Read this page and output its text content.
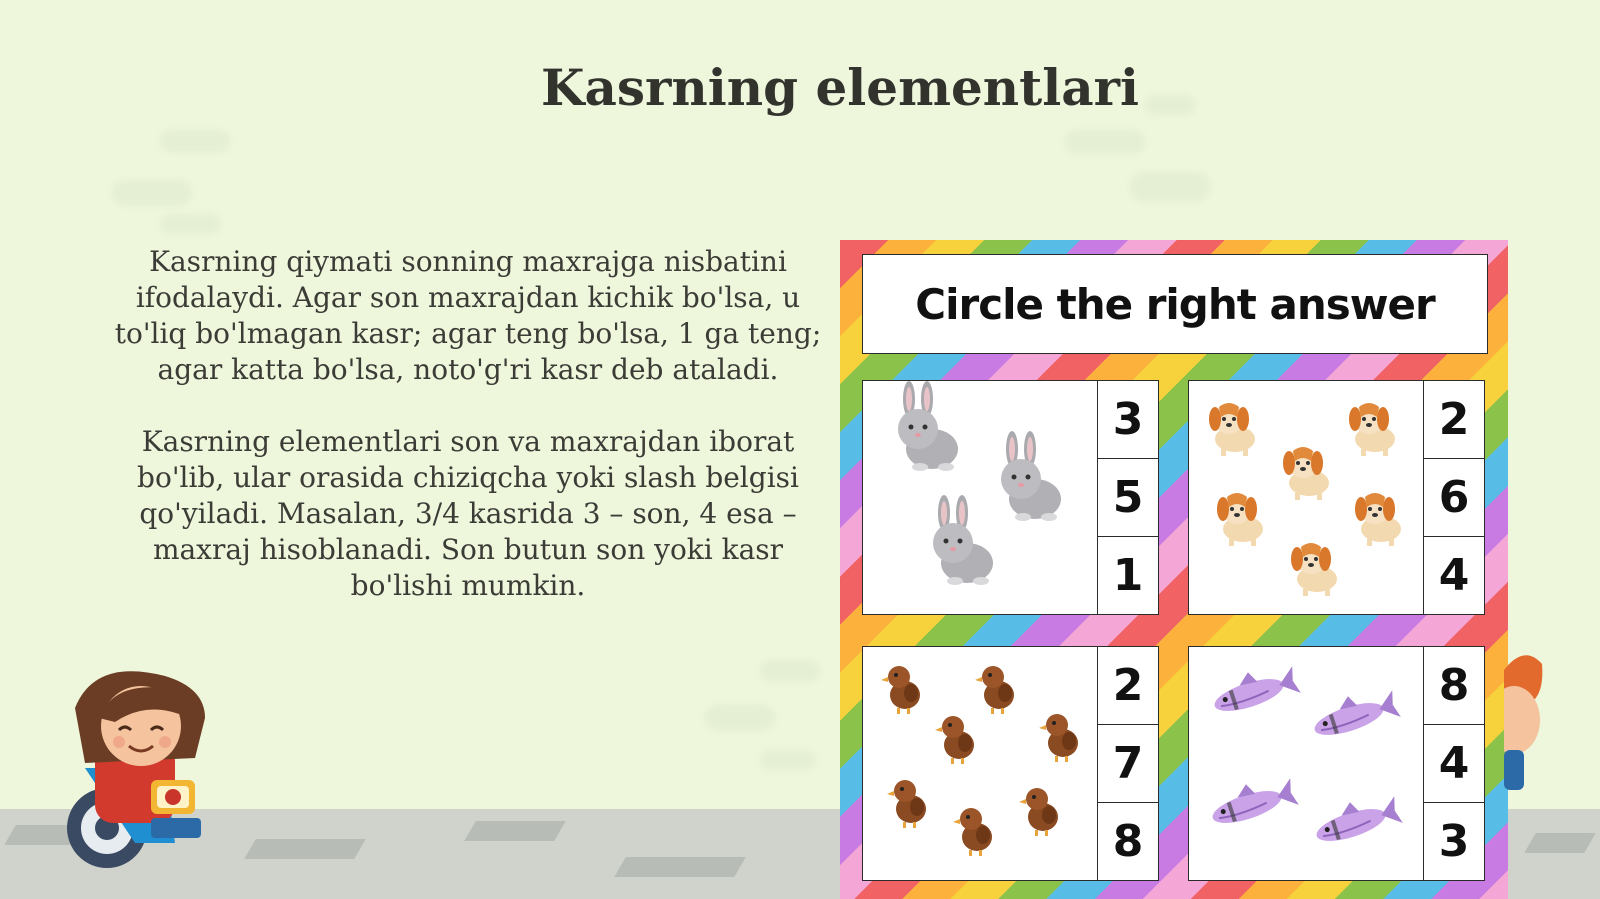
Kasrning elementlari

Kasrning qiymati sonning maxrajga nisbatini ifodalaydi. Agar son maxrajdan kichik bo'lsa, u to'liq bo'lmagan kasr; agar teng bo'lsa, 1 ga teng; agar katta bo'lsa, noto'g'ri kasr deb ataladi.

Kasrning elementlari son va maxrajdan iborat bo'lib, ular orasida chiziqcha yoki slash belgisi qo'yiladi. Masalan, 3/4 kasrida 3 – son, 4 esa – maxraj hisoblanadi. Son butun son yoki kasr bo'lishi mumkin.

Circle the right answer
3
5
1
2
6
4
2
7
8
8
4
3
